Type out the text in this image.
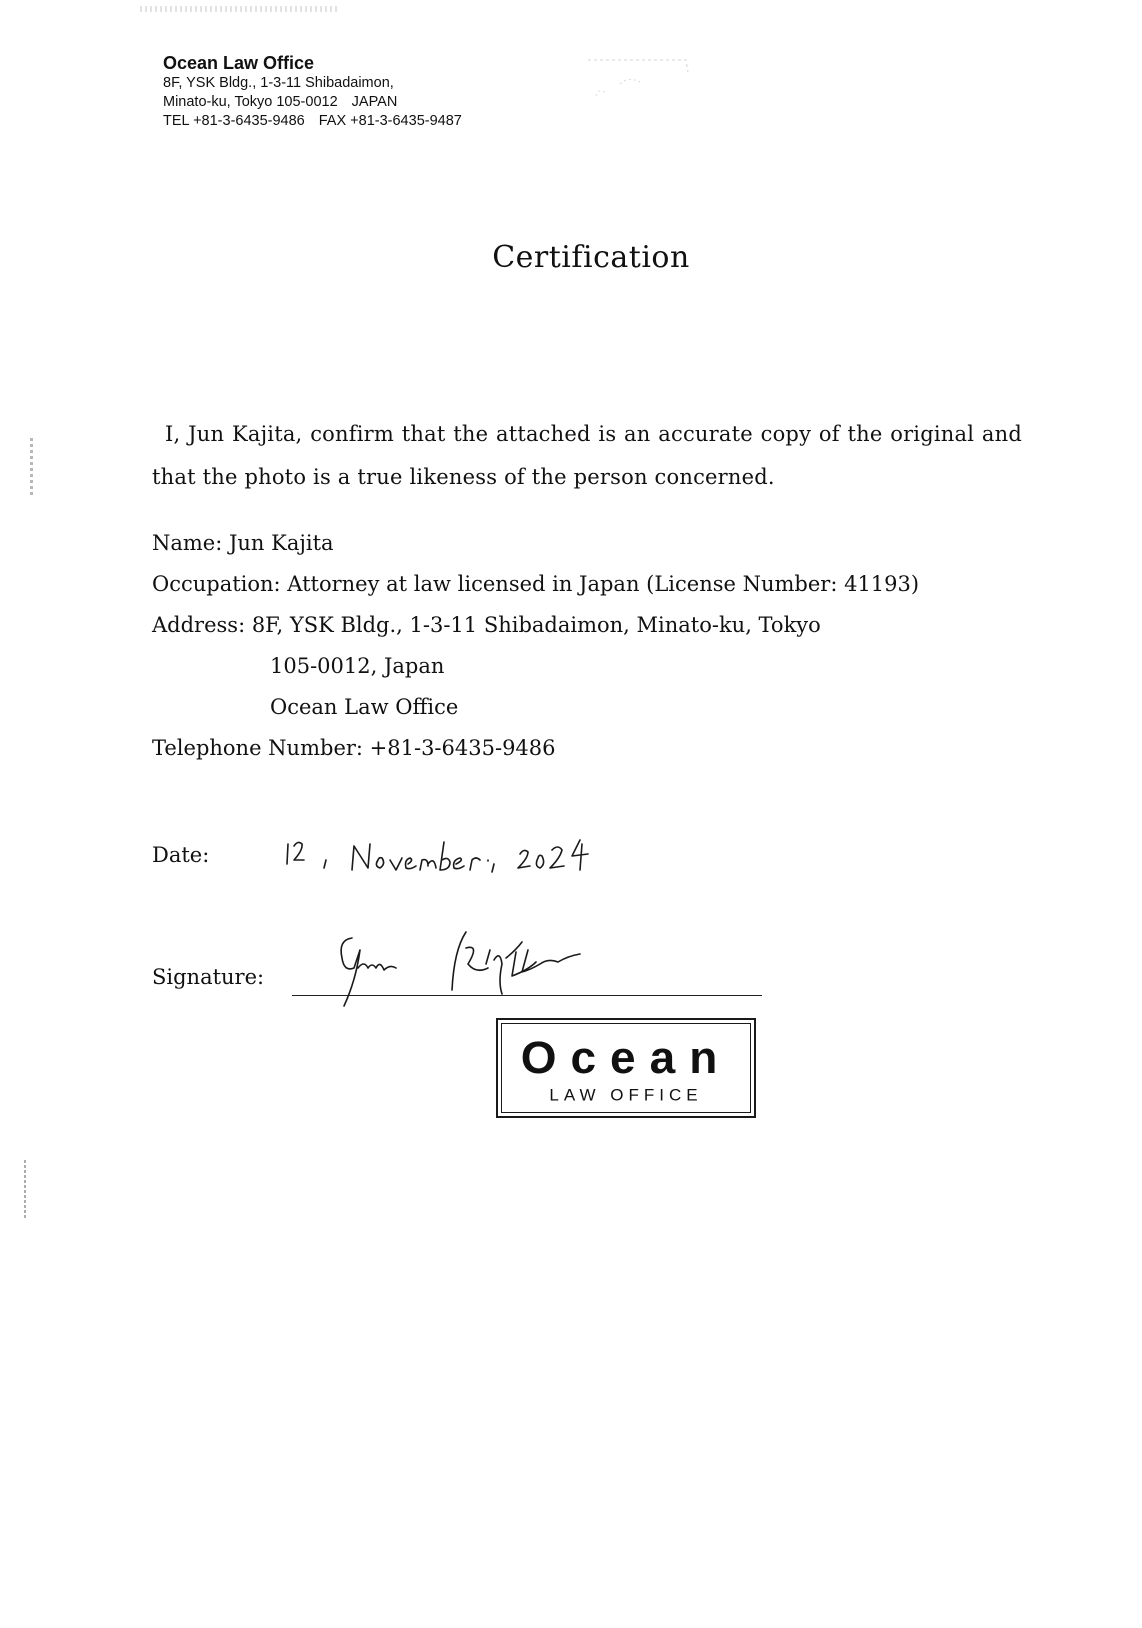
Ocean Law Office
8F, YSK Bldg., 1-3-11 Shibadaimon,
Minato-ku, Tokyo 105-0012 JAPAN
TEL +81-3-6435-9486 FAX +81-3-6435-9487
Certification
I, Jun Kajita, confirm that the attached is an accurate copy of the original and that the photo is a true likeness of the person concerned.
Name: Jun Kajita
Occupation: Attorney at law licensed in Japan (License Number: 41193)
Address: 8F, YSK Bldg., 1-3-11 Shibadaimon, Minato-ku, Tokyo
105-0012, Japan
Ocean Law Office
Telephone Number: +81-3-6435-9486
Date:
Signature:
Ocean
LAW OFFICE
